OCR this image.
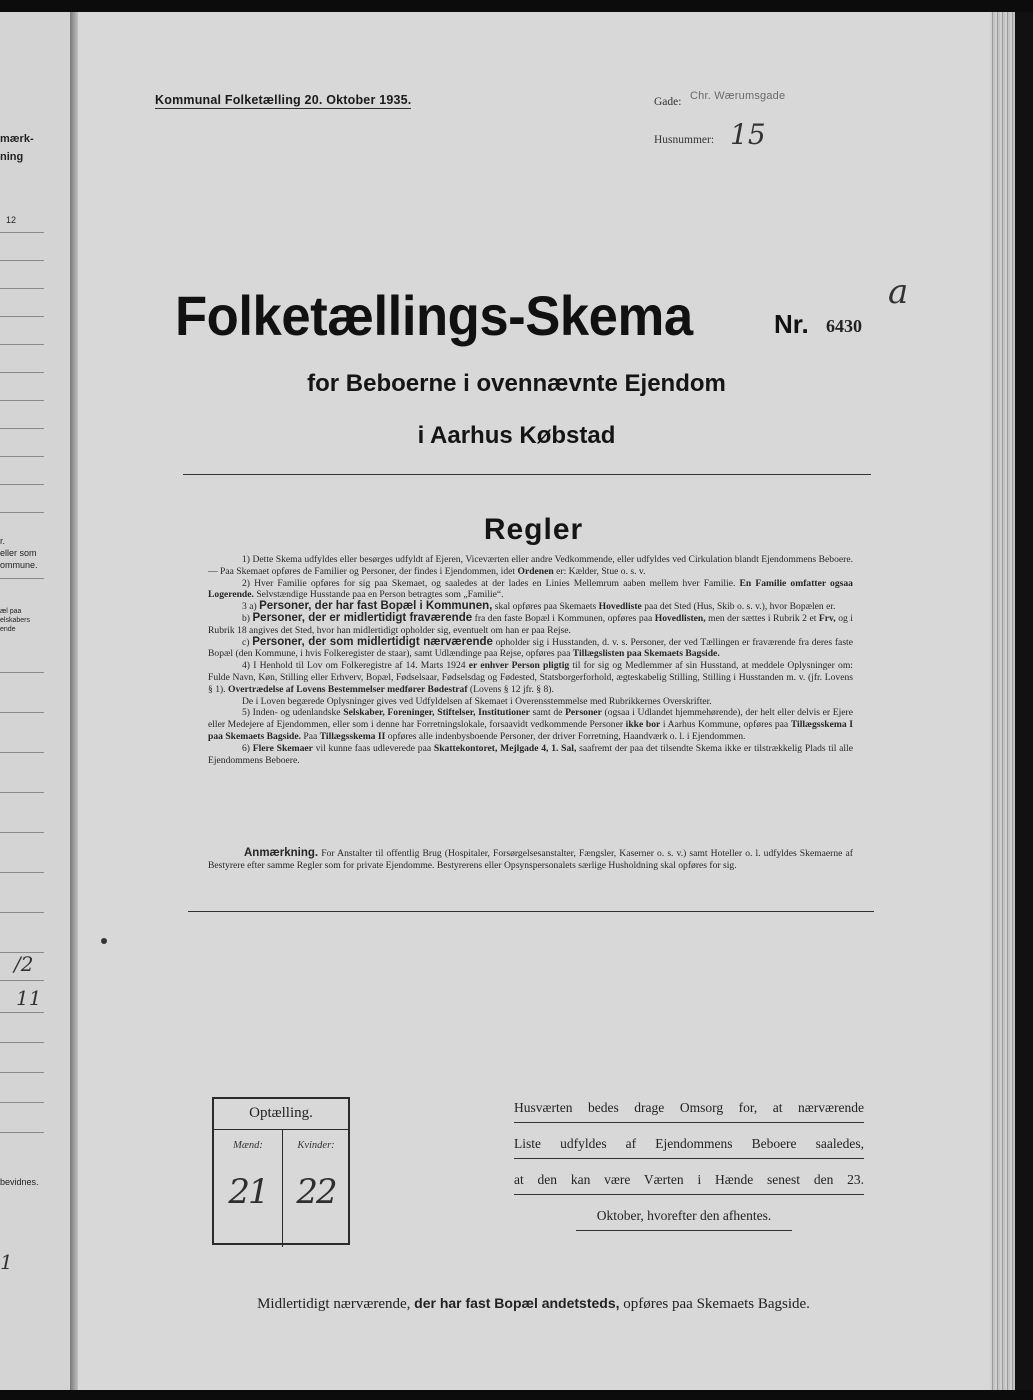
mærk-
ning
12
r.
eller som
ommune.
æl paa
elskabers
ende
/2
11
bevidnes.
1
Kommunal Folketælling 20. Oktober 1935.	Gade: Chr. Wærumsgade
Husnummer: 15
Folketællings-Skema	Nr. 6430
a
for Beboerne i ovennævnte Ejendom
i Aarhus Købstad
Regler

1) Dette Skema udfyldes eller besørges udfyldt af Ejeren, Viceværten eller andre Vedkommende, eller udfyldes ved Cirkulation blandt Ejendommens Beboere. — Paa Skemaet opføres de Familier og Personer, der findes i Ejendommen, idet Ordenen er: Kælder, Stue o. s. v.

2) Hver Familie opføres for sig paa Skemaet, og saaledes at der lades en Linies Mellemrum aaben mellem hver Familie. En Familie omfatter ogsaa Logerende. Selvstændige Husstande paa en Person betragtes som „Familie“.

3 a) Personer, der har fast Bopæl i Kommunen, skal opføres paa Skemaets Hovedliste paa det Sted (Hus, Skib o. s. v.), hvor Bopælen er.

b) Personer, der er midlertidigt fraværende fra den faste Bopæl i Kommunen, opføres paa Hovedlisten, men der sættes i Rubrik 2 et Frv, og i Rubrik 18 angives det Sted, hvor han midlertidigt opholder sig, eventuelt om han er paa Rejse.

c) Personer, der som midlertidigt nærværende opholder sig i Husstanden, d. v. s. Personer, der ved Tællingen er fraværende fra deres faste Bopæl (den Kommune, i hvis Folkeregister de staar), samt Udlændinge paa Rejse, opføres paa Tillægslisten paa Skemaets Bagside.

4) I Henhold til Lov om Folkeregistre af 14. Marts 1924 er enhver Person pligtig til for sig og Medlemmer af sin Husstand, at meddele Oplysninger om: Fulde Navn, Køn, Stilling eller Erhverv, Bopæl, Fødselsaar, Fødselsdag og Fødested, Statsborgerforhold, ægteskabelig Stilling, Stilling i Husstanden m. v. (jfr. Lovens § 1). Overtrædelse af Lovens Bestemmelser medfører Bødestraf (Lovens § 12 jfr. § 8).

De i Loven begærede Oplysninger gives ved Udfyldelsen af Skemaet i Overensstemmelse med Rubrikkernes Overskrifter.

5) Inden- og udenlandske Selskaber, Foreninger, Stiftelser, Institutioner samt de Personer (ogsaa i Udlandet hjemmehørende), der helt eller delvis er Ejere eller Medejere af Ejendommen, eller som i denne har Forretningslokale, forsaavidt vedkommende Personer ikke bor i Aarhus Kommune, opføres paa Tillægsskema I paa Skemaets Bagside. Paa Tillægsskema II opføres alle indenbysboende Personer, der driver Forretning, Haandværk o. l. i Ejendommen.

6) Flere Skemaer vil kunne faas udleverede paa Skattekontoret, Mejlgade 4, 1. Sal, saafremt der paa det tilsendte Skema ikke er tilstrækkelig Plads til alle Ejendommens Beboere.

Anmærkning. For Anstalter til offentlig Brug (Hospitaler, Forsørgelsesanstalter, Fængsler, Kaserner o. s. v.) samt Hoteller o. l. udfyldes Skemaerne af Bestyrere efter samme Regler som for private Ejendomme. Bestyrerens eller Opsynspersonalets særlige Husholdning skal opføres for sig.
Optælling.
Mænd:	Kvinder:
21 22
Husværten bedes drage Omsorg for, at nærværende
Liste udfyldes af Ejendommens Beboere saaledes,
at den kan være Værten i Hænde senest den 23.
Oktober, hvorefter den afhentes.
Midlertidigt nærværende, der har fast Bopæl andetsteds, opføres paa Skemaets Bagside.
